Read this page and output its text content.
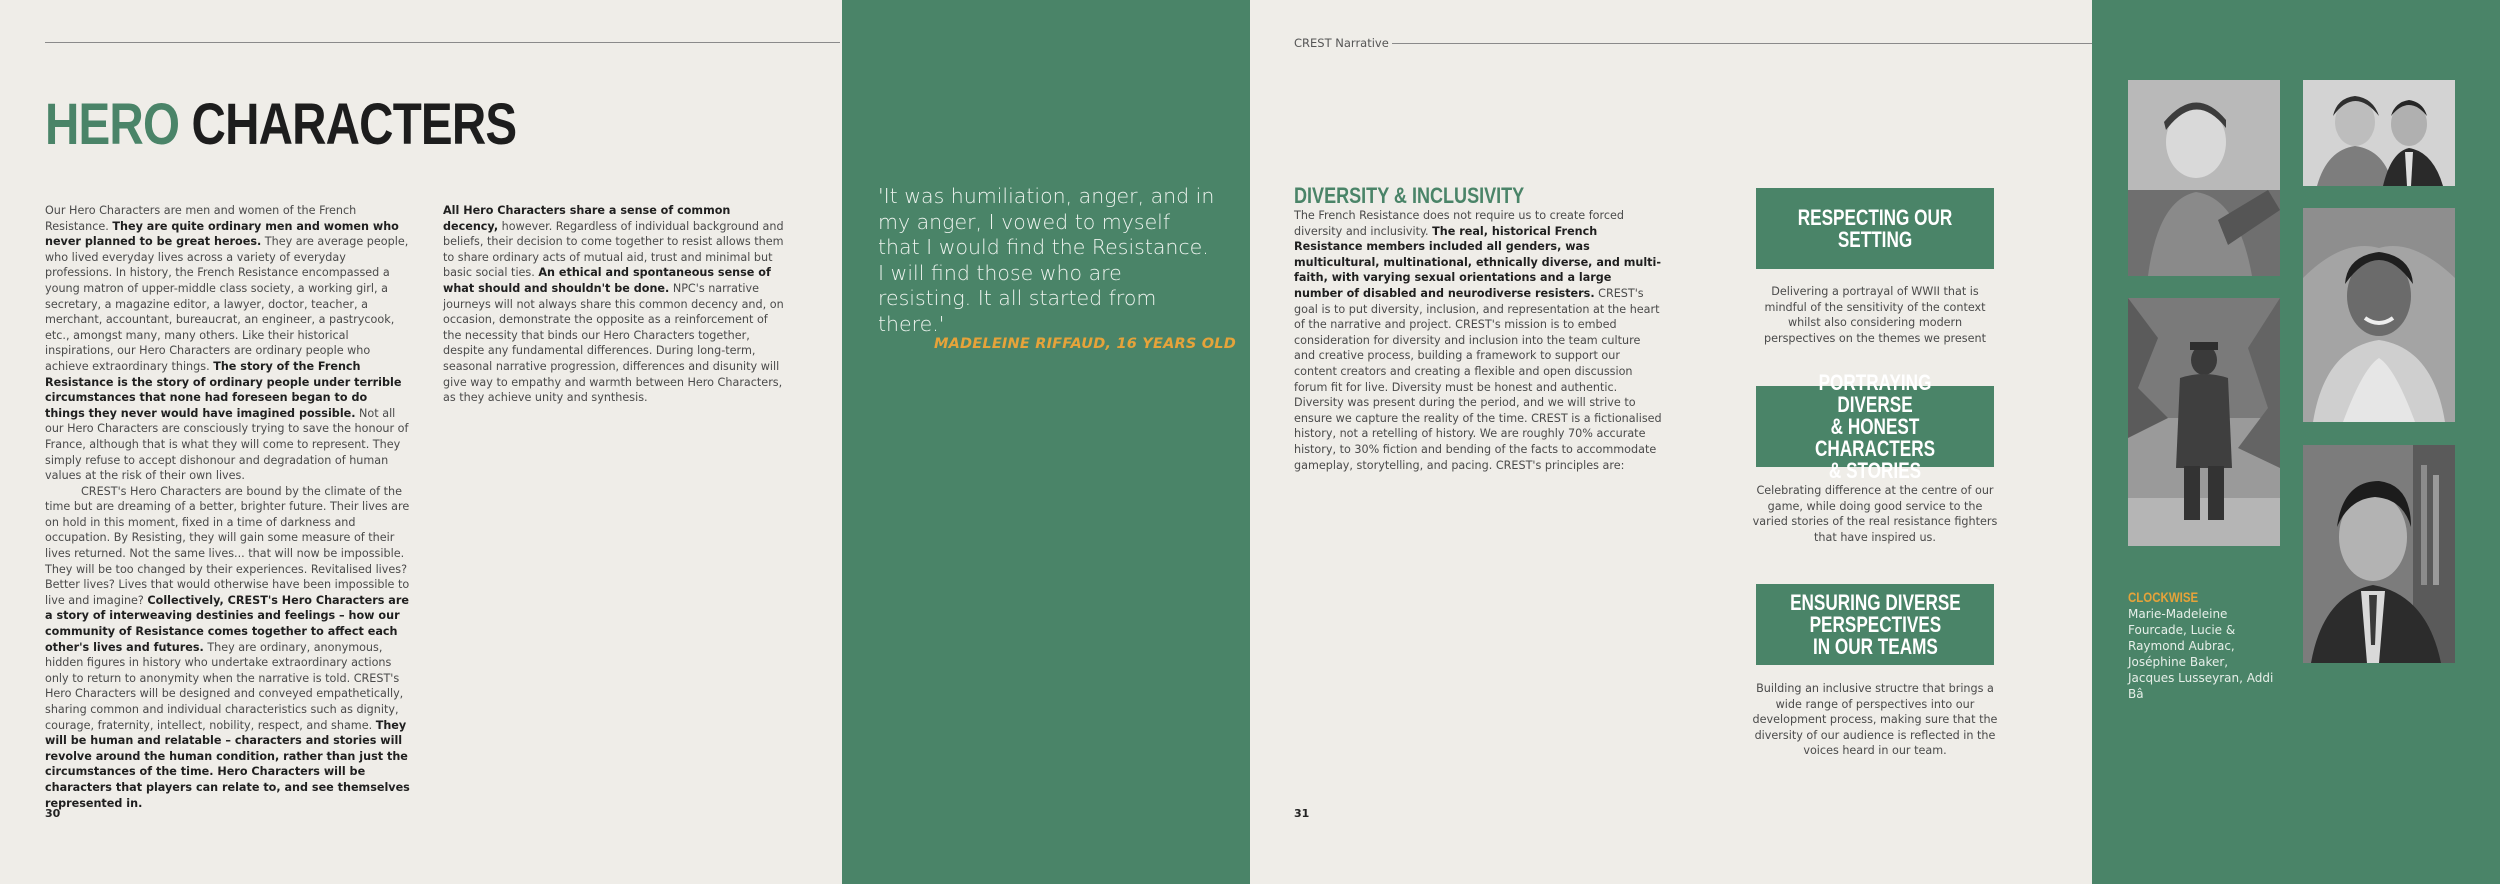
HERO CHARACTERS
Our Hero Characters are men and women of the French Resistance. They are quite ordinary men and women who never planned to be great heroes. They are average people, who lived everyday lives across a variety of everyday professions. In history, the French Resistance encompassed a young matron of upper-middle class society, a working girl, a secretary, a magazine editor, a lawyer, doctor, teacher, a merchant, accountant, bureaucrat, an engineer, a pastrycook, etc., amongst many, many others. Like their historical inspirations, our Hero Characters are ordinary people who achieve extraordinary things. The story of the French Resistance is the story of ordinary people under terrible circumstances that none had foreseen began to do things they never would have imagined possible. Not all our Hero Characters are consciously trying to save the honour of France, although that is what they will come to represent. They simply refuse to accept dishonour and degradation of human values at the risk of their own lives.
CREST's Hero Characters are bound by the climate of the time but are dreaming of a better, brighter future. Their lives are on hold in this moment, fixed in a time of darkness and occupation. By Resisting, they will gain some measure of their lives returned. Not the same lives... that will now be impossible. They will be too changed by their experiences. Revitalised lives? Better lives? Lives that would otherwise have been impossible to live and imagine? Collectively, CREST's Hero Characters are a story of interweaving destinies and feelings – how our community of Resistance comes together to affect each other's lives and futures. They are ordinary, anonymous, hidden figures in history who undertake extraordinary actions only to return to anonymity when the narrative is told. CREST's Hero Characters will be designed and conveyed empathetically, sharing common and individual characteristics such as dignity, courage, fraternity, intellect, nobility, respect, and shame. They will be human and relatable – characters and stories will revolve around the human condition, rather than just the circumstances of the time. Hero Characters will be characters that players can relate to, and see themselves represented in.
All Hero Characters share a sense of common decency, however. Regardless of individual background and beliefs, their decision to come together to resist allows them to share ordinary acts of mutual aid, trust and minimal but basic social ties. An ethical and spontaneous sense of what should and shouldn't be done. NPC's narrative journeys will not always share this common decency and, on occasion, demonstrate the opposite as a reinforcement of the necessity that binds our Hero Characters together, despite any fundamental differences. During long-term, seasonal narrative progression, differences and disunity will give way to empathy and warmth between Hero Characters, as they achieve unity and synthesis.
30
'It was humiliation, anger, and in my anger, I vowed to myself that I would find the Resistance. I will find those who are resisting. It all started from there.'
MADELEINE RIFFAUD, 16 YEARS OLD
CREST Narrative
DIVERSITY & INCLUSIVITY
The French Resistance does not require us to create forced diversity and inclusivity. The real, historical French Resistance members included all genders, was multicultural, multinational, ethnically diverse, and multi-faith, with varying sexual orientations and a large number of disabled and neurodiverse resisters. CREST's goal is to put diversity, inclusion, and representation at the heart of the narrative and project. CREST's mission is to embed consideration for diversity and inclusion into the team culture and creative process, building a framework to support our content creators and creating a flexible and open discussion forum fit for live. Diversity must be honest and authentic. Diversity was present during the period, and we will strive to ensure we capture the reality of the time. CREST is a fictionalised history, not a retelling of history. We are roughly 70% accurate history, to 30% fiction and bending of the facts to accommodate gameplay, storytelling, and pacing. CREST's principles are:
RESPECTING OUR SETTING
Delivering a portrayal of WWII that is mindful of the sensitivity of the context whilst also considering modern perspectives on the themes we present
PORTRAYING DIVERSE
& HONEST CHARACTERS
& STORIES
Celebrating difference at the centre of our game, while doing good service to the varied stories of the real resistance fighters that have inspired us.
ENSURING DIVERSE
PERSPECTIVES
IN OUR TEAMS
Building an inclusive structre that brings a wide range of perspectives into our development process, making sure that the diversity of our audience is reflected in the voices heard in our team.
31
CLOCKWISE
Marie-Madeleine Fourcade, Lucie & Raymond Aubrac, Joséphine Baker, Jacques Lusseyran, Addi Bâ
